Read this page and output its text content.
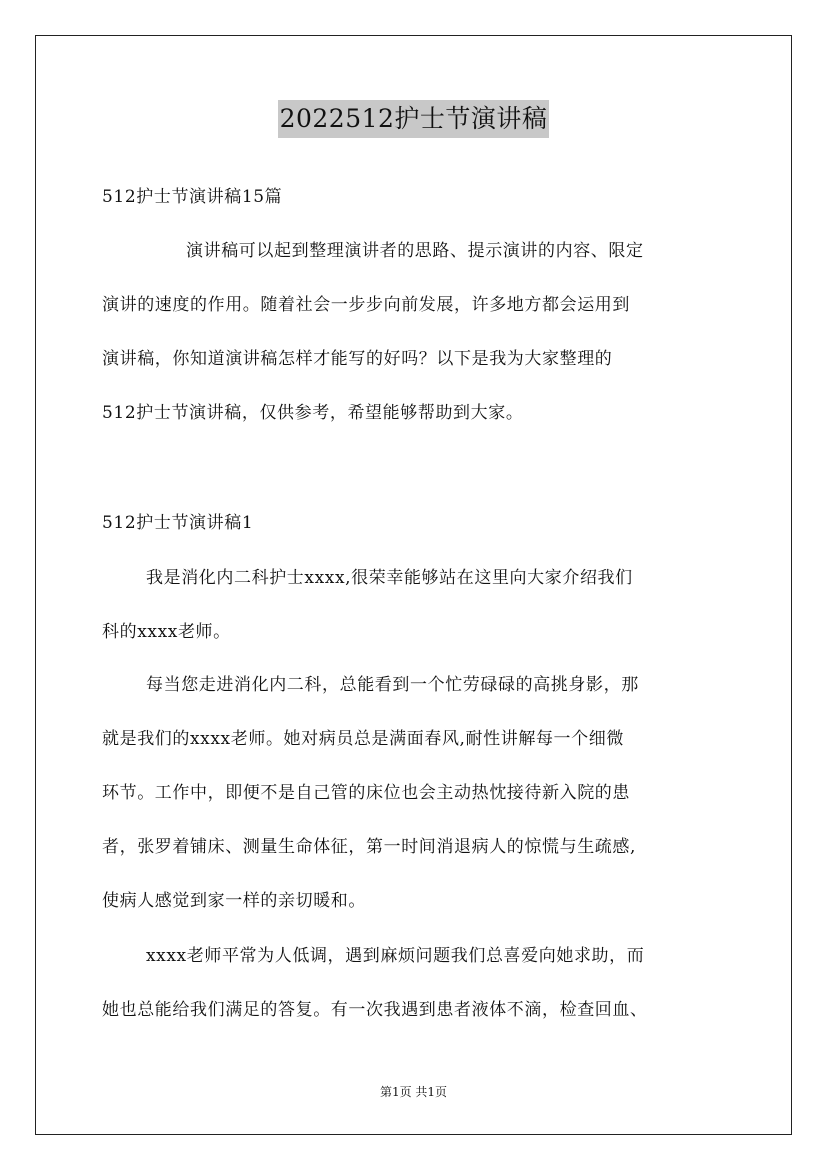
2022512护士节演讲稿
512护士节演讲稿15篇
演讲稿可以起到整理演讲者的思路、提示演讲的内容、限定
演讲的速度的作用。随着社会一步步向前发展，许多地方都会运用到
演讲稿，你知道演讲稿怎样才能写的好吗？以下是我为大家整理的
512护士节演讲稿，仅供参考，希望能够帮助到大家。
512护士节演讲稿1
我是消化内二科护士xxxx,很荣幸能够站在这里向大家介绍我们
科的xxxx老师。
每当您走进消化内二科，总能看到一个忙劳碌碌的高挑身影，那
就是我们的xxxx老师。她对病员总是满面春风,耐性讲解每一个细微
环节。工作中，即便不是自己管的床位也会主动热忱接待新入院的患
者，张罗着铺床、测量生命体征，第一时间消退病人的惊慌与生疏感,
使病人感觉到家一样的亲切暖和。
xxxx老师平常为人低调，遇到麻烦问题我们总喜爱向她求助，而
她也总能给我们满足的答复。有一次我遇到患者液体不滴，检查回血、
第1页 共1页
